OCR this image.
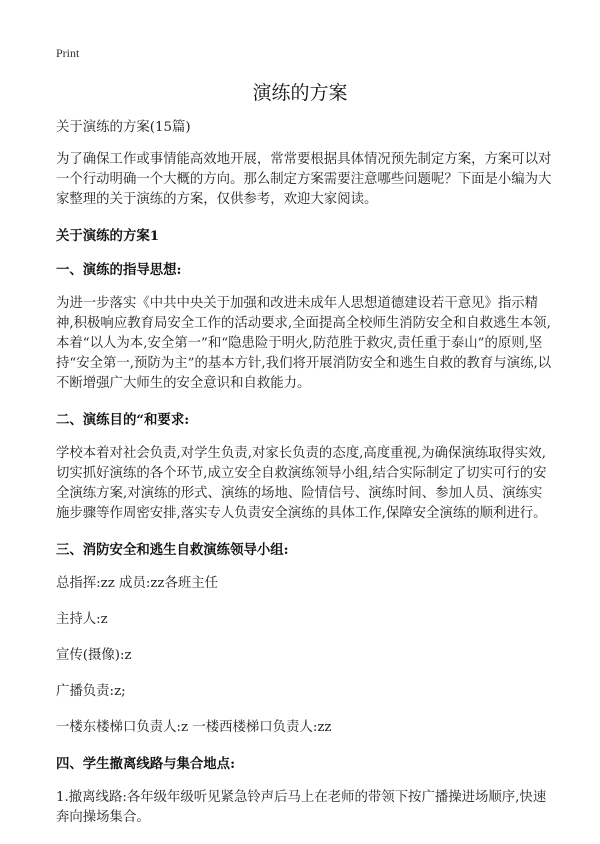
Print
演练的方案

关于演练的方案(15篇)

为了确保工作或事情能高效地开展，常常要根据具体情况预先制定方案，方案可以对一个行动明确一个大概的方向。那么制定方案需要注意哪些问题呢？下面是小编为大家整理的关于演练的方案，仅供参考，欢迎大家阅读。

关于演练的方案1

一、演练的指导思想:

为进一步落实《中共中央关于加强和改进未成年人思想道德建设若干意见》指示精神,积极响应教育局安全工作的活动要求,全面提高全校师生消防安全和自救逃生本领,本着“以人为本,安全第一”和“隐患险于明火,防范胜于救灾,责任重于泰山”的原则,坚持“安全第一,预防为主”的基本方针,我们将开展消防安全和逃生自救的教育与演练,以不断增强广大师生的安全意识和自救能力。

二、演练目的“和要求:

学校本着对社会负责,对学生负责,对家长负责的态度,高度重视,为确保演练取得实效,切实抓好演练的各个环节,成立安全自救演练领导小组,结合实际制定了切实可行的安全演练方案,对演练的形式、演练的场地、险情信号、演练时间、参加人员、演练实施步骤等作周密安排,落实专人负责安全演练的具体工作,保障安全演练的顺利进行。

三、消防安全和逃生自救演练领导小组:

总指挥:zz 成员:zz各班主任

主持人:z

宣传(摄像):z

广播负责:z;

一楼东楼梯口负责人:z 一楼西楼梯口负责人:zz

四、学生撤离线路与集合地点:

1.撤离线路:各年级年级听见紧急铃声后马上在老师的带领下按广播操进场顺序,快速奔向操场集合。
